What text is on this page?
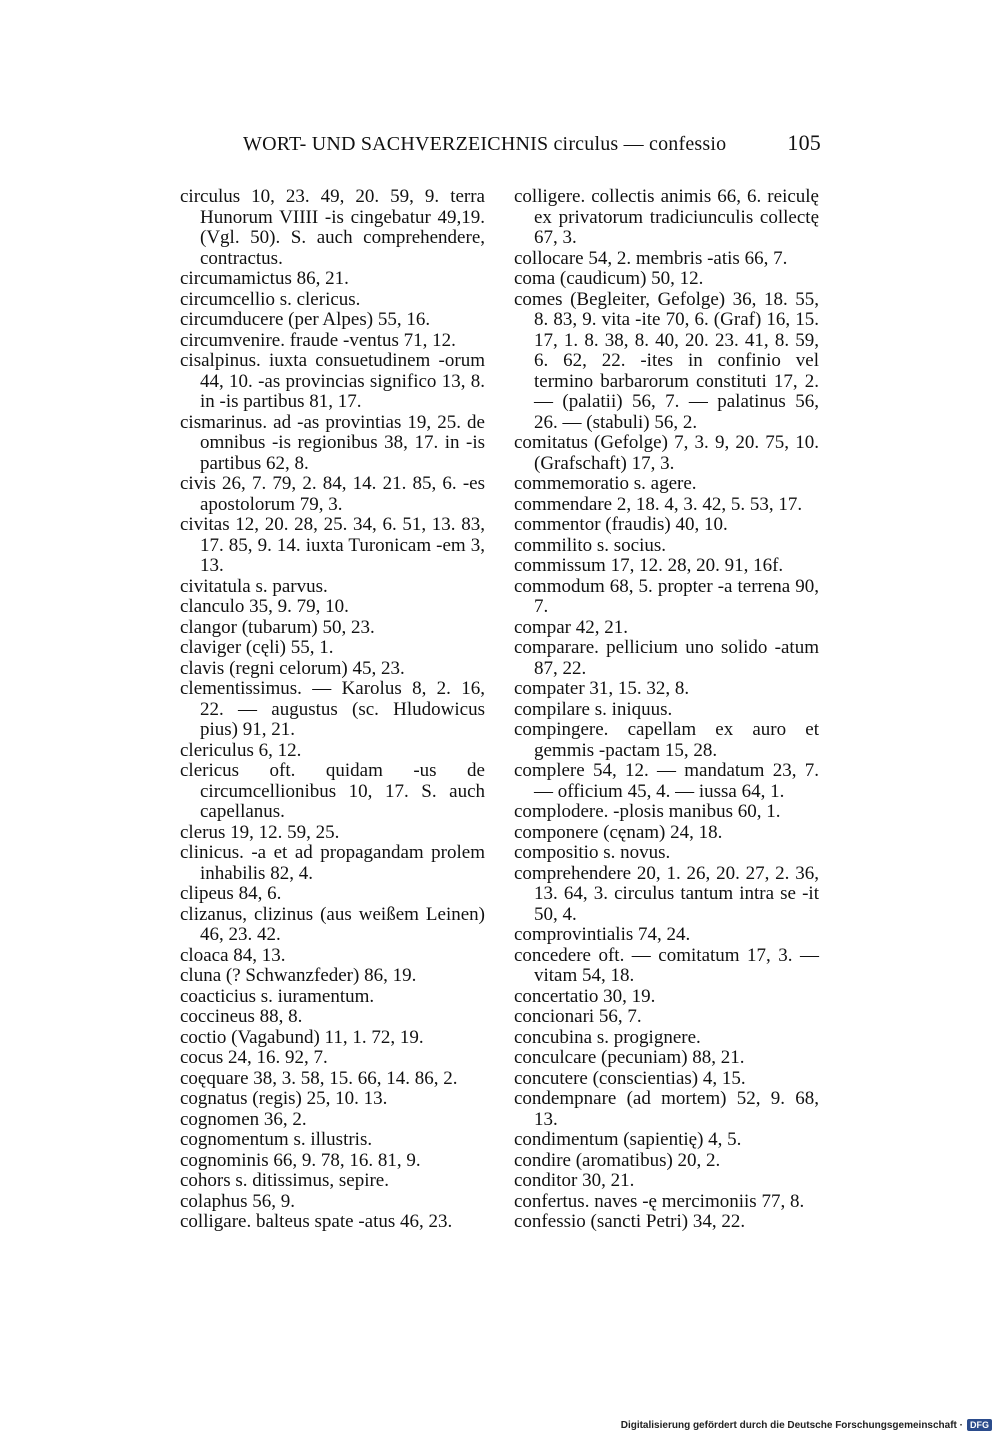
WORT- UND SACHVERZEICHNIS circulus — confessio	105
circulus 10, 23. 49, 20. 59, 9. terra Hunorum VIIII -is cingebatur 49,19. (Vgl. 50). S. auch comprehendere, contractus.
circumamictus 86, 21.
circumcellio s. clericus.
circumducere (per Alpes) 55, 16.
circumvenire. fraude -ventus 71, 12.
cisalpinus. iuxta consuetudinem -orum 44, 10. -as provincias significo 13, 8. in -is partibus 81, 17.
cismarinus. ad -as provintias 19, 25. de omnibus -is regionibus 38, 17. in -is partibus 62, 8.
civis 26, 7. 79, 2. 84, 14. 21. 85, 6. -es apostolorum 79, 3.
civitas 12, 20. 28, 25. 34, 6. 51, 13. 83, 17. 85, 9. 14. iuxta Turonicam -em 3, 13.
civitatula s. parvus.
clanculo 35, 9. 79, 10.
clangor (tubarum) 50, 23.
claviger (cęli) 55, 1.
clavis (regni celorum) 45, 23.
clementissimus. — Karolus 8, 2. 16, 22. — augustus (sc. Hludowicus pius) 91, 21.
clericulus 6, 12.
clericus oft. quidam -us de circumcellionibus 10, 17. S. auch capellanus.
clerus 19, 12. 59, 25.
clinicus. -a et ad propagandam prolem inhabilis 82, 4.
clipeus 84, 6.
clizanus, clizinus (aus weißem Leinen) 46, 23. 42.
cloaca 84, 13.
cluna (? Schwanzfeder) 86, 19.
coacticius s. iuramentum.
coccineus 88, 8.
coctio (Vagabund) 11, 1. 72, 19.
cocus 24, 16. 92, 7.
coęquare 38, 3. 58, 15. 66, 14. 86, 2.
cognatus (regis) 25, 10. 13.
cognomen 36, 2.
cognomentum s. illustris.
cognominis 66, 9. 78, 16. 81, 9.
cohors s. ditissimus, sepire.
colaphus 56, 9.
colligare. balteus spate -atus 46, 23.
colligere. collectis animis 66, 6. reiculę ex privatorum tradiciunculis collectę 67, 3.
collocare 54, 2. membris -atis 66, 7.
coma (caudicum) 50, 12.
comes (Begleiter, Gefolge) 36, 18. 55, 8. 83, 9. vita -ite 70, 6. (Graf) 16, 15. 17, 1. 8. 38, 8. 40, 20. 23. 41, 8. 59, 6. 62, 22. -ites in confinio vel termino barbarorum constituti 17, 2. — (palatii) 56, 7. — palatinus 56, 26. — (stabuli) 56, 2.
comitatus (Gefolge) 7, 3. 9, 20. 75, 10. (Grafschaft) 17, 3.
commemoratio s. agere.
commendare 2, 18. 4, 3. 42, 5. 53, 17.
commentor (fraudis) 40, 10.
commilito s. socius.
commissum 17, 12. 28, 20. 91, 16f.
commodum 68, 5. propter -a terrena 90, 7.
compar 42, 21.
comparare. pellicium uno solido -atum 87, 22.
compater 31, 15. 32, 8.
compilare s. iniquus.
compingere. capellam ex auro et gemmis -pactam 15, 28.
complere 54, 12. — mandatum 23, 7. — officium 45, 4. — iussa 64, 1.
complodere. -plosis manibus 60, 1.
componere (cęnam) 24, 18.
compositio s. novus.
comprehendere 20, 1. 26, 20. 27, 2. 36, 13. 64, 3. circulus tantum intra se -it 50, 4.
comprovintialis 74, 24.
concedere oft. — comitatum 17, 3. — vitam 54, 18.
concertatio 30, 19.
concionari 56, 7.
concubina s. progignere.
conculcare (pecuniam) 88, 21.
concutere (conscientias) 4, 15.
condempnare (ad mortem) 52, 9. 68, 13.
condimentum (sapientię) 4, 5.
condire (aromatibus) 20, 2.
conditor 30, 21.
confertus. naves -ę mercimoniis 77, 8.
confessio (sancti Petri) 34, 22.
Digitalisierung gefördert durch die Deutsche Forschungsgemeinschaft · DFG
